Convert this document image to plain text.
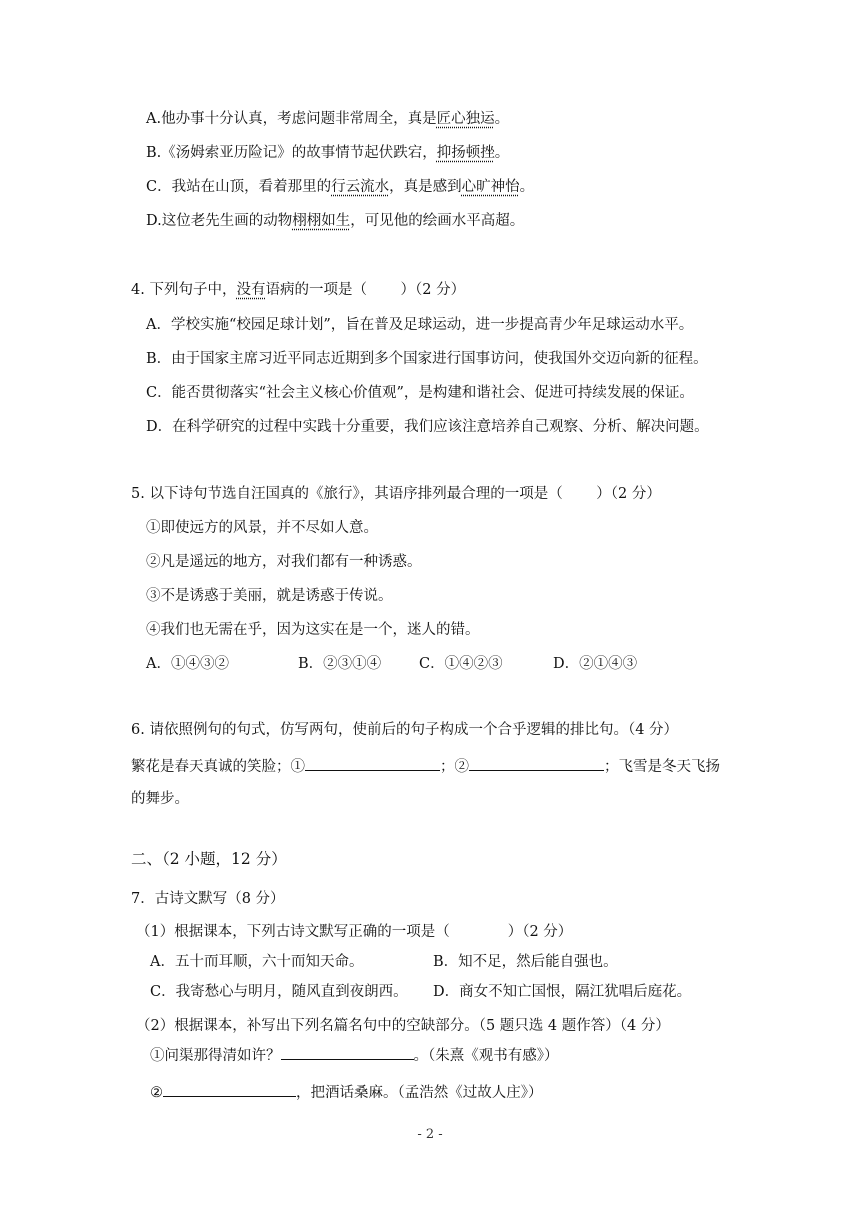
A.他办事十分认真，考虑问题非常周全，真是匠心独运。
B.《汤姆索亚历险记》的故事情节起伏跌宕，抑扬顿挫。
C．我站在山顶，看着那里的行云流水，真是感到心旷神怡。
D.这位老先生画的动物栩栩如生，可见他的绘画水平高超。
4. 下列句子中，没有语病的一项是（　　 ）（2 分）
A．学校实施“校园足球计划”，旨在普及足球运动，进一步提高青少年足球运动水平。
B．由于国家主席习近平同志近期到多个国家进行国事访问，使我国外交迈向新的征程。
C．能否贯彻落实“社会主义核心价值观”，是构建和谐社会、促进可持续发展的保证。
D．在科学研究的过程中实践十分重要，我们应该注意培养自己观察、分析、解决问题。
5. 以下诗句节选自汪国真的《旅行》，其语序排列最合理的一项是（　　 ）（2 分）
①即使远方的风景，并不尽如人意。
②凡是遥远的地方，对我们都有一种诱惑。
③不是诱惑于美丽，就是诱惑于传说。
④我们也无需在乎，因为这实在是一个，迷人的错。
A．①④③②	B．②③①④	C．①④②③	D．②①④③
6. 请依照例句的句式，仿写两句，使前后的句子构成一个合乎逻辑的排比句。（4 分）
繁花是春天真诚的笑脸；①	；②	；飞雪是冬天飞扬
的舞步。
二、（2 小题，12 分）
7．古诗文默写（8 分）
（1）根据课本，下列古诗文默写正确的一项是（　　　　）（2 分）
A．五十而耳顺，六十而知天命。	B．知不足，然后能自强也。
C．我寄愁心与明月，随风直到夜朗西。 D．商女不知亡国恨，隔江犹唱后庭花。
（2）根据课本，补写出下列名篇名句中的空缺部分。（5 题只选 4 题作答）（4 分）
①问渠那得清如许？	。（朱熹《观书有感》）
②	，把酒话桑麻。（孟浩然《过故人庄》）
- 2 -
